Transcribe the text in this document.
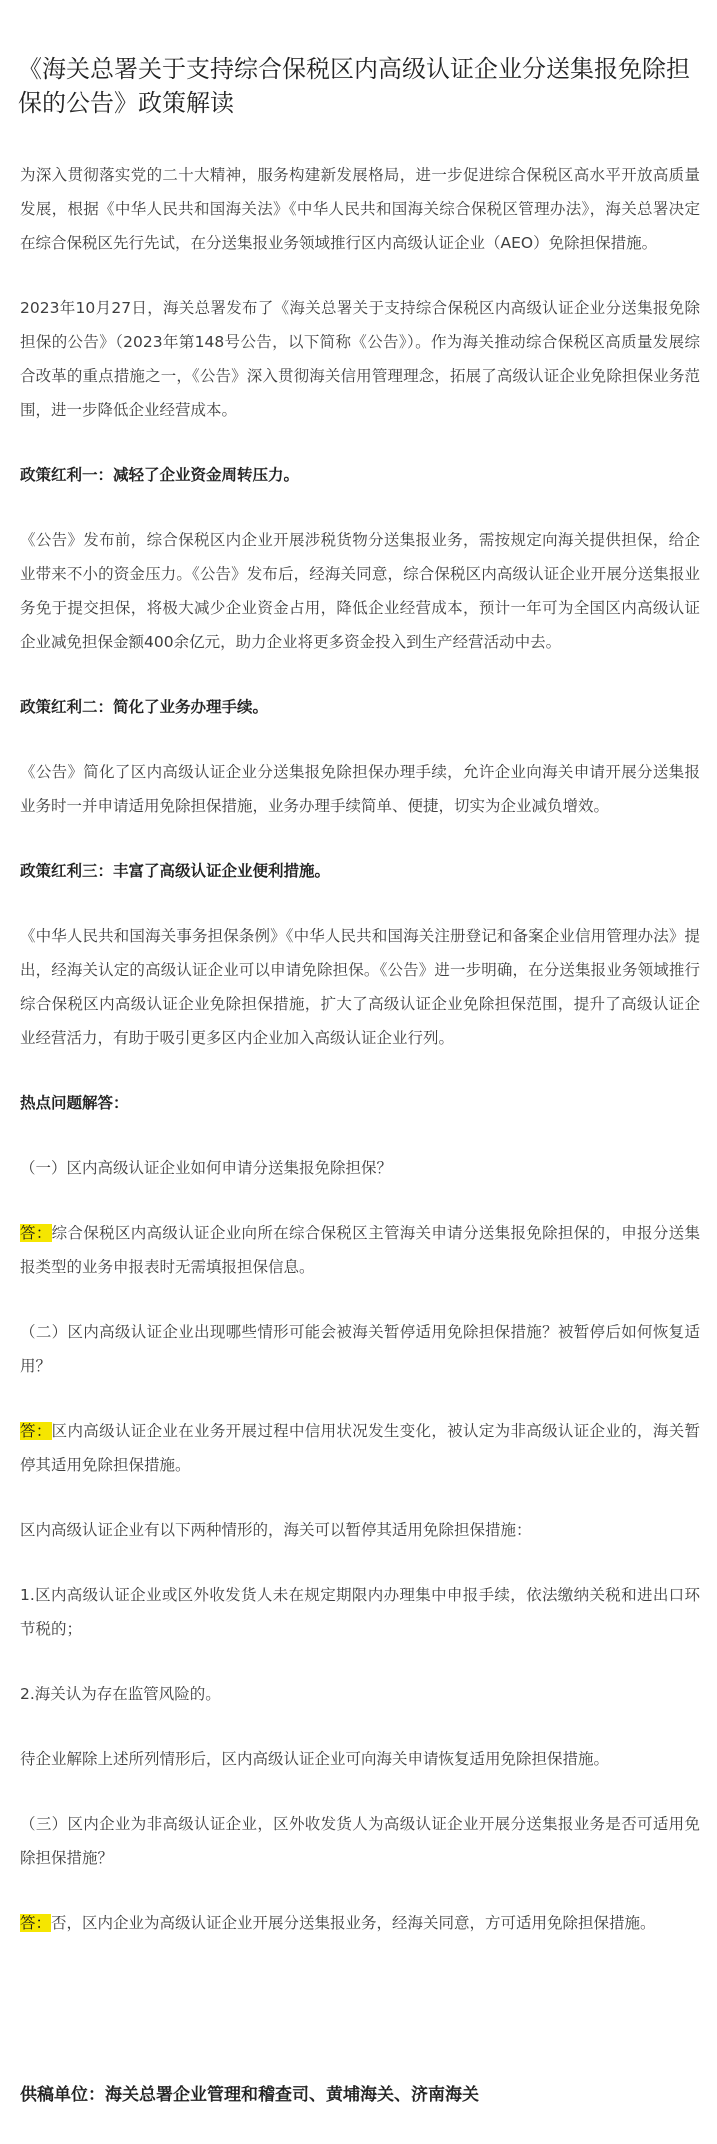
《海关总署关于支持综合保税区内高级认证企业分送集报免除担保的公告》政策解读

为深入贯彻落实党的二十大精神，服务构建新发展格局，进一步促进综合保税区高水平开放高质量发展，根据《中华人民共和国海关法》《中华人民共和国海关综合保税区管理办法》，海关总署决定在综合保税区先行先试，在分送集报业务领域推行区内高级认证企业（AEO）免除担保措施。

2023年10月27日，海关总署发布了《海关总署关于支持综合保税区内高级认证企业分送集报免除担保的公告》（2023年第148号公告，以下简称《公告》）。作为海关推动综合保税区高质量发展综合改革的重点措施之一，《公告》深入贯彻海关信用管理理念，拓展了高级认证企业免除担保业务范围，进一步降低企业经营成本。

政策红利一：减轻了企业资金周转压力。

《公告》发布前，综合保税区内企业开展涉税货物分送集报业务，需按规定向海关提供担保，给企业带来不小的资金压力。《公告》发布后，经海关同意，综合保税区内高级认证企业开展分送集报业务免于提交担保，将极大减少企业资金占用，降低企业经营成本，预计一年可为全国区内高级认证企业减免担保金额400余亿元，助力企业将更多资金投入到生产经营活动中去。

政策红利二：简化了业务办理手续。

《公告》简化了区内高级认证企业分送集报免除担保办理手续，允许企业向海关申请开展分送集报业务时一并申请适用免除担保措施，业务办理手续简单、便捷，切实为企业减负增效。

政策红利三：丰富了高级认证企业便利措施。

《中华人民共和国海关事务担保条例》《中华人民共和国海关注册登记和备案企业信用管理办法》提出，经海关认定的高级认证企业可以申请免除担保。《公告》进一步明确，在分送集报业务领域推行综合保税区内高级认证企业免除担保措施，扩大了高级认证企业免除担保范围，提升了高级认证企业经营活力，有助于吸引更多区内企业加入高级认证企业行列。

热点问题解答：

（一）区内高级认证企业如何申请分送集报免除担保？

答：综合保税区内高级认证企业向所在综合保税区主管海关申请分送集报免除担保的，申报分送集报类型的业务申报表时无需填报担保信息。

（二）区内高级认证企业出现哪些情形可能会被海关暂停适用免除担保措施？被暂停后如何恢复适用？

答：区内高级认证企业在业务开展过程中信用状况发生变化，被认定为非高级认证企业的，海关暂停其适用免除担保措施。

区内高级认证企业有以下两种情形的，海关可以暂停其适用免除担保措施：

1.区内高级认证企业或区外收发货人未在规定期限内办理集中申报手续，依法缴纳关税和进出口环节税的；

2.海关认为存在监管风险的。

待企业解除上述所列情形后，区内高级认证企业可向海关申请恢复适用免除担保措施。

（三）区内企业为非高级认证企业，区外收发货人为高级认证企业开展分送集报业务是否可适用免除担保措施？

答：否，区内企业为高级认证企业开展分送集报业务，经海关同意，方可适用免除担保措施。

供稿单位：海关总署企业管理和稽查司、黄埔海关、济南海关
